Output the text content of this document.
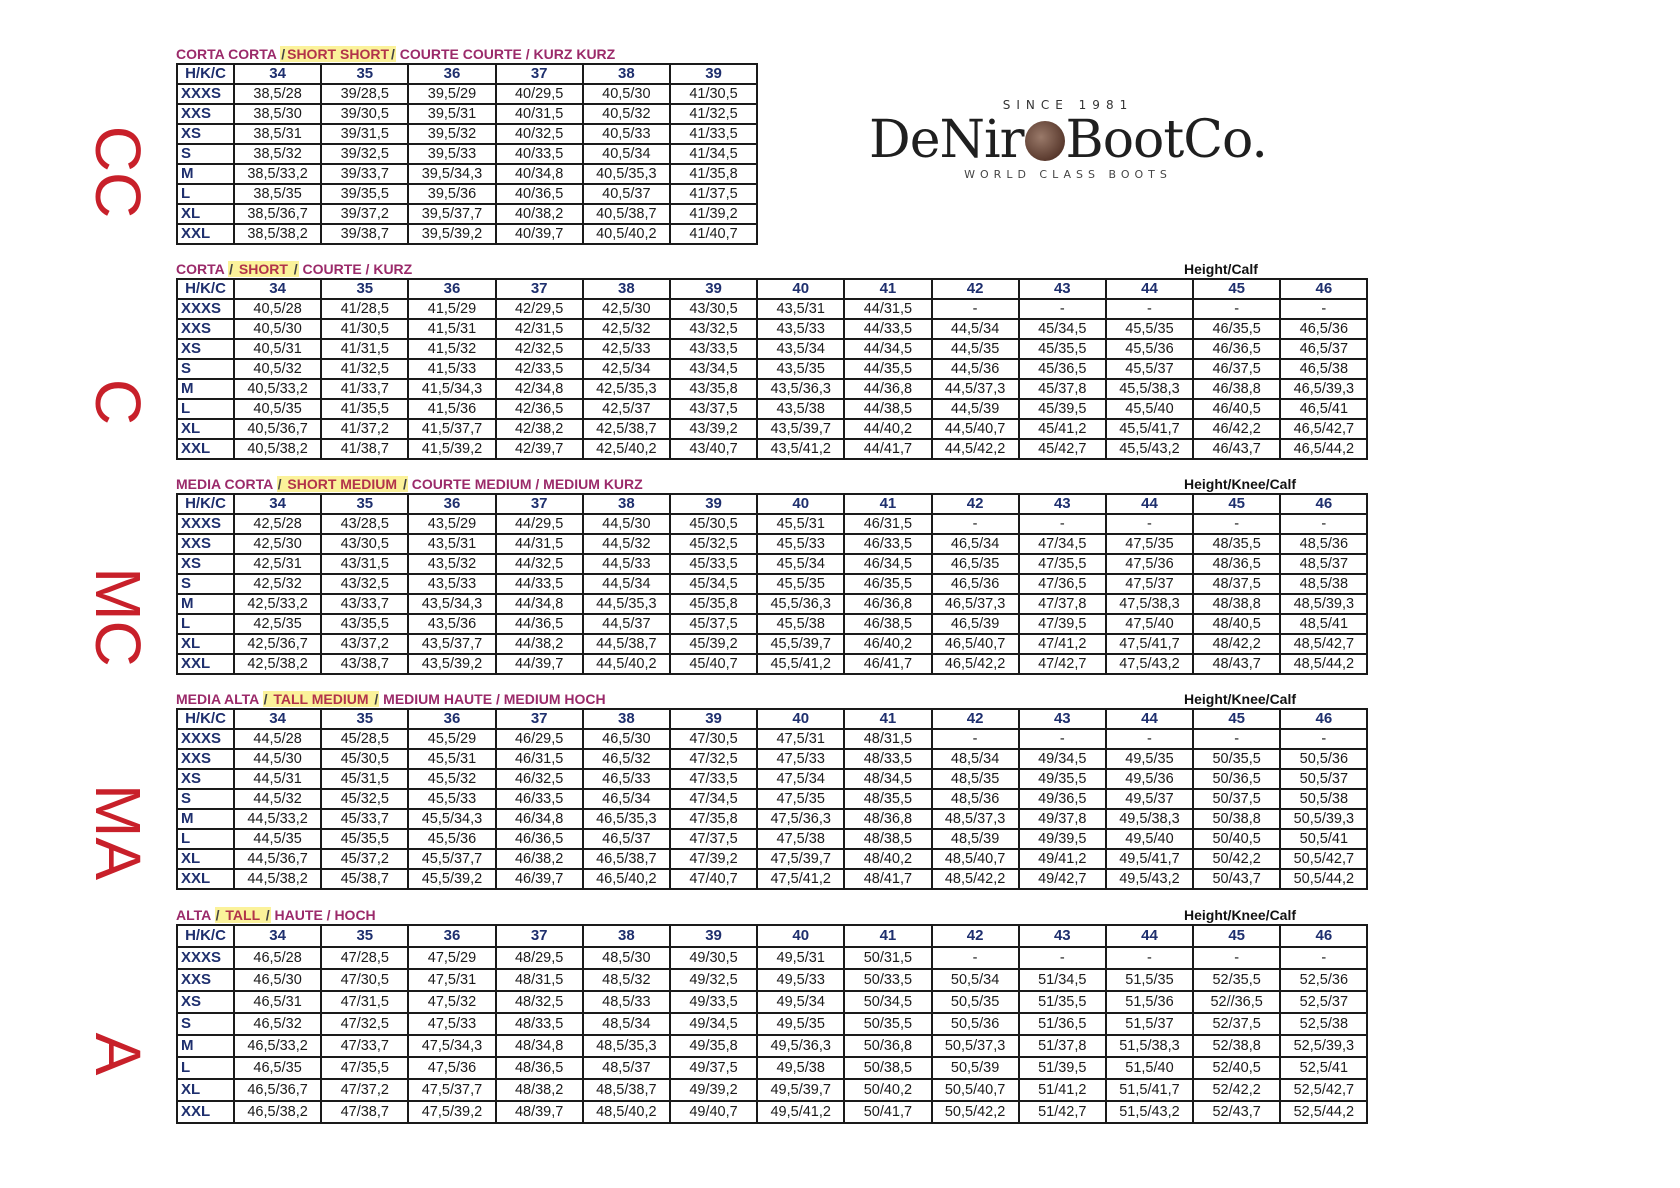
CC
C
MC
MA
A
SINCE 1981
DeNir BootCo.
WORLD CLASS BOOTS
CORTA CORTA / SHORT SHORT / COURTE COURTE / KURZ KURZ
H/K/C	34	35	36	37	38	39
XXXS	38,5/28	39/28,5	39,5/29	40/29,5	40,5/30	41/30,5
XXS	38,5/30	39/30,5	39,5/31	40/31,5	40,5/32	41/32,5
XS	38,5/31	39/31,5	39,5/32	40/32,5	40,5/33	41/33,5
S	38,5/32	39/32,5	39,5/33	40/33,5	40,5/34	41/34,5
M	38,5/33,2	39/33,7	39,5/34,3	40/34,8	40,5/35,3	41/35,8
L	38,5/35	39/35,5	39,5/36	40/36,5	40,5/37	41/37,5
XL	38,5/36,7	39/37,2	39,5/37,7	40/38,2	40,5/38,7	41/39,2
XXL	38,5/38,2	39/38,7	39,5/39,2	40/39,7	40,5/40,2	41/40,7
CORTA / SHORT / COURTE / KURZ	Height/Calf
H/K/C	34	35	36	37	38	39	40	41	42	43	44	45	46
XXXS	40,5/28	41/28,5	41,5/29	42/29,5	42,5/30	43/30,5	43,5/31	44/31,5	-	-	-	-	-
XXS	40,5/30	41/30,5	41,5/31	42/31,5	42,5/32	43/32,5	43,5/33	44/33,5	44,5/34	45/34,5	45,5/35	46/35,5	46,5/36
XS	40,5/31	41/31,5	41,5/32	42/32,5	42,5/33	43/33,5	43,5/34	44/34,5	44,5/35	45/35,5	45,5/36	46/36,5	46,5/37
S	40,5/32	41/32,5	41,5/33	42/33,5	42,5/34	43/34,5	43,5/35	44/35,5	44,5/36	45/36,5	45,5/37	46/37,5	46,5/38
M	40,5/33,2	41/33,7	41,5/34,3	42/34,8	42,5/35,3	43/35,8	43,5/36,3	44/36,8	44,5/37,3	45/37,8	45,5/38,3	46/38,8	46,5/39,3
L	40,5/35	41/35,5	41,5/36	42/36,5	42,5/37	43/37,5	43,5/38	44/38,5	44,5/39	45/39,5	45,5/40	46/40,5	46,5/41
XL	40,5/36,7	41/37,2	41,5/37,7	42/38,2	42,5/38,7	43/39,2	43,5/39,7	44/40,2	44,5/40,7	45/41,2	45,5/41,7	46/42,2	46,5/42,7
XXL	40,5/38,2	41/38,7	41,5/39,2	42/39,7	42,5/40,2	43/40,7	43,5/41,2	44/41,7	44,5/42,2	45/42,7	45,5/43,2	46/43,7	46,5/44,2
MEDIA CORTA / SHORT MEDIUM / COURTE MEDIUM / MEDIUM KURZ	Height/Knee/Calf
H/K/C	34	35	36	37	38	39	40	41	42	43	44	45	46
XXXS	42,5/28	43/28,5	43,5/29	44/29,5	44,5/30	45/30,5	45,5/31	46/31,5	-	-	-	-	-
XXS	42,5/30	43/30,5	43,5/31	44/31,5	44,5/32	45/32,5	45,5/33	46/33,5	46,5/34	47/34,5	47,5/35	48/35,5	48,5/36
XS	42,5/31	43/31,5	43,5/32	44/32,5	44,5/33	45/33,5	45,5/34	46/34,5	46,5/35	47/35,5	47,5/36	48/36,5	48,5/37
S	42,5/32	43/32,5	43,5/33	44/33,5	44,5/34	45/34,5	45,5/35	46/35,5	46,5/36	47/36,5	47,5/37	48/37,5	48,5/38
M	42,5/33,2	43/33,7	43,5/34,3	44/34,8	44,5/35,3	45/35,8	45,5/36,3	46/36,8	46,5/37,3	47/37,8	47,5/38,3	48/38,8	48,5/39,3
L	42,5/35	43/35,5	43,5/36	44/36,5	44,5/37	45/37,5	45,5/38	46/38,5	46,5/39	47/39,5	47,5/40	48/40,5	48,5/41
XL	42,5/36,7	43/37,2	43,5/37,7	44/38,2	44,5/38,7	45/39,2	45,5/39,7	46/40,2	46,5/40,7	47/41,2	47,5/41,7	48/42,2	48,5/42,7
XXL	42,5/38,2	43/38,7	43,5/39,2	44/39,7	44,5/40,2	45/40,7	45,5/41,2	46/41,7	46,5/42,2	47/42,7	47,5/43,2	48/43,7	48,5/44,2
MEDIA ALTA / TALL MEDIUM / MEDIUM HAUTE / MEDIUM HOCH	Height/Knee/Calf
H/K/C	34	35	36	37	38	39	40	41	42	43	44	45	46
XXXS	44,5/28	45/28,5	45,5/29	46/29,5	46,5/30	47/30,5	47,5/31	48/31,5	-	-	-	-	-
XXS	44,5/30	45/30,5	45,5/31	46/31,5	46,5/32	47/32,5	47,5/33	48/33,5	48,5/34	49/34,5	49,5/35	50/35,5	50,5/36
XS	44,5/31	45/31,5	45,5/32	46/32,5	46,5/33	47/33,5	47,5/34	48/34,5	48,5/35	49/35,5	49,5/36	50/36,5	50,5/37
S	44,5/32	45/32,5	45,5/33	46/33,5	46,5/34	47/34,5	47,5/35	48/35,5	48,5/36	49/36,5	49,5/37	50/37,5	50,5/38
M	44,5/33,2	45/33,7	45,5/34,3	46/34,8	46,5/35,3	47/35,8	47,5/36,3	48/36,8	48,5/37,3	49/37,8	49,5/38,3	50/38,8	50,5/39,3
L	44,5/35	45/35,5	45,5/36	46/36,5	46,5/37	47/37,5	47,5/38	48/38,5	48,5/39	49/39,5	49,5/40	50/40,5	50,5/41
XL	44,5/36,7	45/37,2	45,5/37,7	46/38,2	46,5/38,7	47/39,2	47,5/39,7	48/40,2	48,5/40,7	49/41,2	49,5/41,7	50/42,2	50,5/42,7
XXL	44,5/38,2	45/38,7	45,5/39,2	46/39,7	46,5/40,2	47/40,7	47,5/41,2	48/41,7	48,5/42,2	49/42,7	49,5/43,2	50/43,7	50,5/44,2
ALTA / TALL / HAUTE / HOCH	Height/Knee/Calf
H/K/C	34	35	36	37	38	39	40	41	42	43	44	45	46
XXXS	46,5/28	47/28,5	47,5/29	48/29,5	48,5/30	49/30,5	49,5/31	50/31,5	-	-	-	-	-
XXS	46,5/30	47/30,5	47,5/31	48/31,5	48,5/32	49/32,5	49,5/33	50/33,5	50,5/34	51/34,5	51,5/35	52/35,5	52,5/36
XS	46,5/31	47/31,5	47,5/32	48/32,5	48,5/33	49/33,5	49,5/34	50/34,5	50,5/35	51/35,5	51,5/36	52//36,5	52,5/37
S	46,5/32	47/32,5	47,5/33	48/33,5	48,5/34	49/34,5	49,5/35	50/35,5	50,5/36	51/36,5	51,5/37	52/37,5	52,5/38
M	46,5/33,2	47/33,7	47,5/34,3	48/34,8	48,5/35,3	49/35,8	49,5/36,3	50/36,8	50,5/37,3	51/37,8	51,5/38,3	52/38,8	52,5/39,3
L	46,5/35	47/35,5	47,5/36	48/36,5	48,5/37	49/37,5	49,5/38	50/38,5	50,5/39	51/39,5	51,5/40	52/40,5	52,5/41
XL	46,5/36,7	47/37,2	47,5/37,7	48/38,2	48,5/38,7	49/39,2	49,5/39,7	50/40,2	50,5/40,7	51/41,2	51,5/41,7	52/42,2	52,5/42,7
XXL	46,5/38,2	47/38,7	47,5/39,2	48/39,7	48,5/40,2	49/40,7	49,5/41,2	50/41,7	50,5/42,2	51/42,7	51,5/43,2	52/43,7	52,5/44,2
